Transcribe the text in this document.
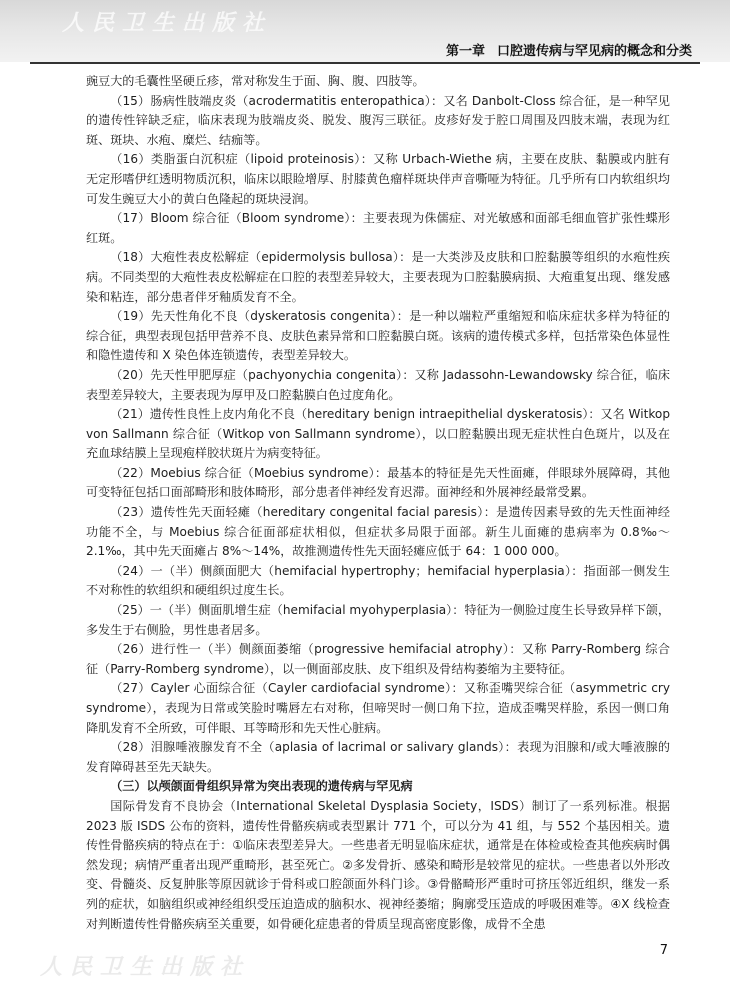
人民卫生出版社
第一章 口腔遗传病与罕见病的概念和分类

豌豆大的毛囊性坚硬丘疹，常对称发生于面、胸、腹、四肢等。

（15）肠病性肢端皮炎（acrodermatitis enteropathica）：又名 Danbolt-Closs 综合征，是一种罕见的遗传性锌缺乏症，临床表现为肢端皮炎、脱发、腹泻三联征。皮疹好发于腔口周围及四肢末端，表现为红斑、斑块、水疱、糜烂、结痂等。

（16）类脂蛋白沉积症（lipoid proteinosis）：又称 Urbach-Wiethe 病，主要在皮肤、黏膜或内脏有无定形嗜伊红透明物质沉积，临床以眼睑增厚、肘膝黄色瘤样斑块伴声音嘶哑为特征。几乎所有口内软组织均可发生豌豆大小的黄白色隆起的斑块浸润。

（17）Bloom 综合征（Bloom syndrome）：主要表现为侏儒症、对光敏感和面部毛细血管扩张性蝶形红斑。

（18）大疱性表皮松解症（epidermolysis bullosa）：是一大类涉及皮肤和口腔黏膜等组织的水疱性疾病。不同类型的大疱性表皮松解症在口腔的表型差异较大，主要表现为口腔黏膜病损、大疱重复出现、继发感染和粘连，部分患者伴牙釉质发育不全。

（19）先天性角化不良（dyskeratosis congenita）：是一种以端粒严重缩短和临床症状多样为特征的综合征，典型表现包括甲营养不良、皮肤色素异常和口腔黏膜白斑。该病的遗传模式多样，包括常染色体显性和隐性遗传和 X 染色体连锁遗传，表型差异较大。

（20）先天性甲肥厚症（pachyonychia congenita）：又称 Jadassohn-Lewandowsky 综合征，临床表型差异较大，主要表现为厚甲及口腔黏膜白色过度角化。

（21）遗传性良性上皮内角化不良（hereditary benign intraepithelial dyskeratosis）：又名 Witkop von Sallmann 综合征（Witkop von Sallmann syndrome），以口腔黏膜出现无症状性白色斑片，以及在充血球结膜上呈现疱样胶状斑片为病变特征。

（22）Moebius 综合征（Moebius syndrome）：最基本的特征是先天性面瘫，伴眼球外展障碍，其他可变特征包括口面部畸形和肢体畸形，部分患者伴神经发育迟滞。面神经和外展神经最常受累。

（23）遗传性先天面轻瘫（hereditary congenital facial paresis）：是遗传因素导致的先天性面神经功能不全，与 Moebius 综合征面部症状相似，但症状多局限于面部。新生儿面瘫的患病率为 0.8‰～2.1‰，其中先天面瘫占 8%～14%，故推测遗传性先天面轻瘫应低于 64：1 000 000。

（24）一（半）侧颜面肥大（hemifacial hypertrophy；hemifacial hyperplasia）：指面部一侧发生不对称性的软组织和硬组织过度生长。

（25）一（半）侧面肌增生症（hemifacial myohyperplasia）：特征为一侧脸过度生长导致异样下颌，多发生于右侧脸，男性患者居多。

（26）进行性一（半）侧颜面萎缩（progressive hemifacial atrophy）：又称 Parry-Romberg 综合征（Parry-Romberg syndrome），以一侧面部皮肤、皮下组织及骨结构萎缩为主要特征。

（27）Cayler 心面综合征（Cayler cardiofacial syndrome）：又称歪嘴哭综合征（asymmetric cry syndrome），表现为日常或笑脸时嘴唇左右对称，但啼哭时一侧口角下拉，造成歪嘴哭样脸，系因一侧口角降肌发育不全所致，可伴眼、耳等畸形和先天性心脏病。

（28）泪腺唾液腺发育不全（aplasia of lacrimal or salivary glands）：表现为泪腺和/或大唾液腺的发育障碍甚至先天缺失。

（三）以颅颌面骨组织异常为突出表现的遗传病与罕见病

国际骨发育不良协会（International Skeletal Dysplasia Society，ISDS）制订了一系列标准。根据 2023 版 ISDS 公布的资料，遗传性骨骼疾病或表型累计 771 个，可以分为 41 组，与 552 个基因相关。遗传性骨骼疾病的特点在于：①临床表型差异大。一些患者无明显临床症状，通常是在体检或检查其他疾病时偶然发现；病情严重者出现严重畸形，甚至死亡。②多发骨折、感染和畸形是较常见的症状。一些患者以外形改变、骨髓炎、反复肿胀等原因就诊于骨科或口腔颌面外科门诊。③骨骼畸形严重时可挤压邻近组织，继发一系列的症状，如脑组织或神经组织受压迫造成的脑积水、视神经萎缩；胸廓受压造成的呼吸困难等。④X 线检查对判断遗传性骨骼疾病至关重要，如骨硬化症患者的骨质呈现高密度影像，成骨不全患

人民卫生出版社
7
